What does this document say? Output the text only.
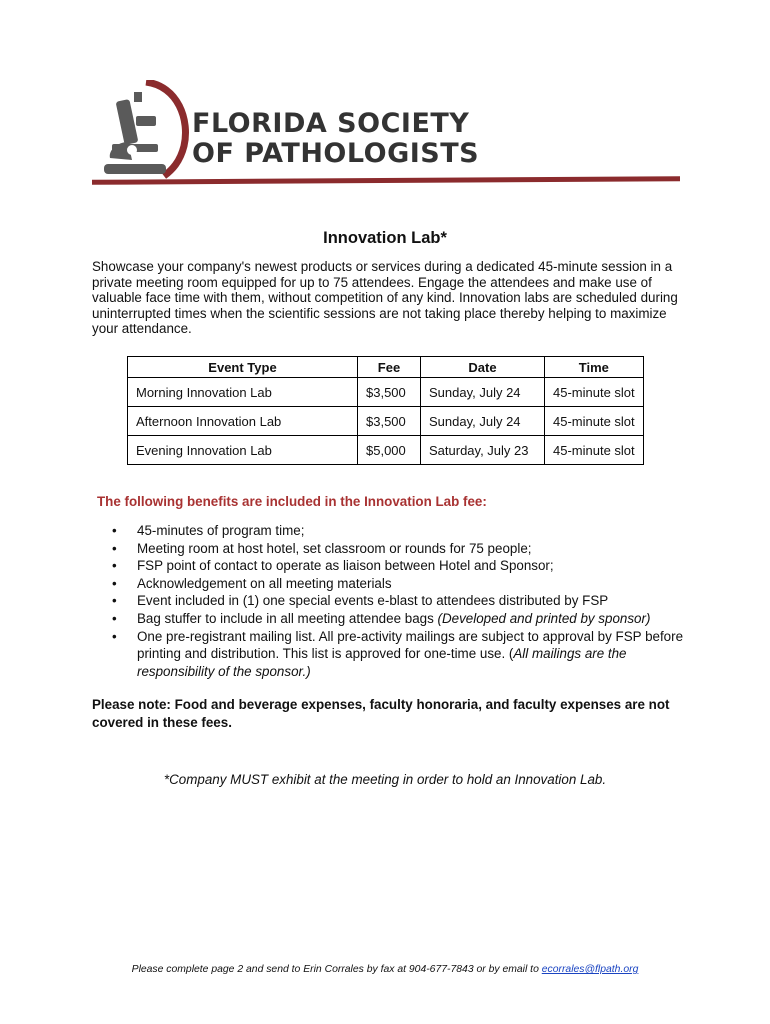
FLORIDA SOCIETY
OF PATHOLOGISTS
Innovation Lab*
Showcase your company's newest products or services during a dedicated 45-minute session in a private meeting room equipped for up to 75 attendees. Engage the attendees and make use of valuable face time with them, without competition of any kind. Innovation labs are scheduled during uninterrupted times when the scientific sessions are not taking place thereby helping to maximize your attendance.
Event Type	Fee	Date	Time
Morning Innovation Lab	$3,500	Sunday, July 24	45-minute slot
Afternoon Innovation Lab	$3,500	Sunday, July 24	45-minute slot
Evening Innovation Lab	$5,000	Saturday, July 23	45-minute slot
The following benefits are included in the Innovation Lab fee:
• 45-minutes of program time;
• Meeting room at host hotel, set classroom or rounds for 75 people;
• FSP point of contact to operate as liaison between Hotel and Sponsor;
• Acknowledgement on all meeting materials
• Event included in (1) one special events e-blast to attendees distributed by FSP
• Bag stuffer to include in all meeting attendee bags (Developed and printed by sponsor)
• One pre-registrant mailing list. All pre-activity mailings are subject to approval by FSP before printing and distribution. This list is approved for one-time use. (All mailings are the responsibility of the sponsor.)
Please note: Food and beverage expenses, faculty honoraria, and faculty expenses are not covered in these fees.
*Company MUST exhibit at the meeting in order to hold an Innovation Lab.
Please complete page 2 and send to Erin Corrales by fax at 904-677-7843 or by email to ecorrales@flpath.org
